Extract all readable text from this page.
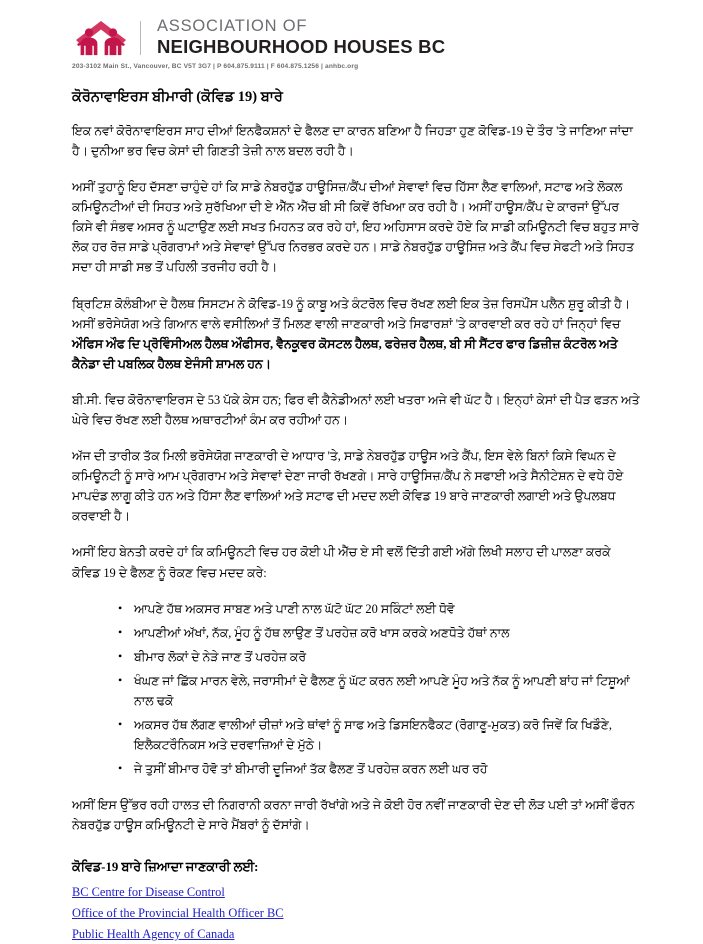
ASSOCIATION OF
NEIGHBOURHOOD HOUSES BC
203-3102 Main St., Vancouver, BC V5T 3G7 | P 604.875.9111 | F 604.875.1256 | anhbc.org
ਕੋਰੋਨਾਵਾਇਰਸ ਬੀਮਾਰੀ (ਕੋਵਿਡ 19) ਬਾਰੇ

ਇਕ ਨਵਾਂ ਕੋਰੋਨਾਵਾਇਰਸ ਸਾਹ ਦੀਆਂ ਇਨਫੈਕਸ਼ਨਾਂ ਦੇ ਫੈਲਣ ਦਾ ਕਾਰਨ ਬਣਿਆ ਹੈ ਜਿਹੜਾ ਹੁਣ ਕੋਵਿਡ-19 ਦੇ ਤੌਰ 'ਤੇ ਜਾਣਿਆ ਜਾਂਦਾ ਹੈ। ਦੁਨੀਆ ਭਰ ਵਿਚ ਕੇਸਾਂ ਦੀ ਗਿਣਤੀ ਤੇਜ਼ੀ ਨਾਲ ਬਦਲ ਰਹੀ ਹੈ।

ਅਸੀਂ ਤੁਹਾਨੂੰ ਇਹ ਦੱਸਣਾ ਚਾਹੁੰਦੇ ਹਾਂ ਕਿ ਸਾਡੇ ਨੇਬਰਹੁੱਡ ਹਾਊਸਿਜ਼/ਕੈਂਪ ਦੀਆਂ ਸੇਵਾਵਾਂ ਵਿਚ ਹਿੱਸਾ ਲੈਣ ਵਾਲਿਆਂ, ਸਟਾਫ ਅਤੇ ਲੋਕਲ ਕਮਿਊਨਟੀਆਂ ਦੀ ਸਿਹਤ ਅਤੇ ਸੁਰੱਖਿਆ ਦੀ ਏ ਐੱਨ ਐੱਚ ਬੀ ਸੀ ਕਿਵੇਂ ਰੱਖਿਆ ਕਰ ਰਹੀ ਹੈ। ਅਸੀਂ ਹਾਊਸ/ਕੈਂਪ ਦੇ ਕਾਰਜਾਂ ਉੱਪਰ ਕਿਸੇ ਵੀ ਸੰਭਵ ਅਸਰ ਨੂੰ ਘਟਾਉਣ ਲਈ ਸਖਤ ਮਿਹਨਤ ਕਰ ਰਹੇ ਹਾਂ, ਇਹ ਅਹਿਸਾਸ ਕਰਦੇ ਹੋਏ ਕਿ ਸਾਡੀ ਕਮਿਊਨਟੀ ਵਿਚ ਬਹੁਤ ਸਾਰੇ ਲੋਕ ਹਰ ਰੋਜ਼ ਸਾਡੇ ਪ੍ਰੋਗਰਾਮਾਂ ਅਤੇ ਸੇਵਾਵਾਂ ਉੱਪਰ ਨਿਰਭਰ ਕਰਦੇ ਹਨ। ਸਾਡੇ ਨੇਬਰਹੁੱਡ ਹਾਊਸਿਜ਼ ਅਤੇ ਕੈਂਪ ਵਿਚ ਸੇਫਟੀ ਅਤੇ ਸਿਹਤ ਸਦਾ ਹੀ ਸਾਡੀ ਸਭ ਤੋਂ ਪਹਿਲੀ ਤਰਜੀਹ ਰਹੀ ਹੈ।

ਬ੍ਰਿਟਿਸ਼ ਕੋਲੰਬੀਆ ਦੇ ਹੈਲਥ ਸਿਸਟਮ ਨੇ ਕੋਵਿਡ-19 ਨੂੰ ਕਾਬੂ ਅਤੇ ਕੰਟਰੋਲ ਵਿਚ ਰੱਖਣ ਲਈ ਇਕ ਤੇਜ਼ ਰਿਸਪੌਂਸ ਪਲੈਨ ਸ਼ੁਰੂ ਕੀਤੀ ਹੈ। ਅਸੀਂ ਭਰੋਸੇਯੋਗ ਅਤੇ ਗਿਆਨ ਵਾਲੇ ਵਸੀਲਿਆਂ ਤੋਂ ਮਿਲਣ ਵਾਲੀ ਜਾਣਕਾਰੀ ਅਤੇ ਸਿਫਾਰਸ਼ਾਂ 'ਤੇ ਕਾਰਵਾਈ ਕਰ ਰਹੇ ਹਾਂ ਜਿਨ੍ਹਾਂ ਵਿਚ ਔਫਿਸ ਔਫ ਦਿ ਪ੍ਰੋਵਿੰਸੀਅਲ ਹੈਲਥ ਔਫੀਸਰ, ਵੈਨਕੂਵਰ ਕੋਸਟਲ ਹੈਲਥ, ਫਰੇਜ਼ਰ ਹੈਲਥ, ਬੀ ਸੀ ਸੈਂਟਰ ਫਾਰ ਡਿਜ਼ੀਜ਼ ਕੰਟਰੋਲ ਅਤੇ ਕੈਨੇਡਾ ਦੀ ਪਬਲਿਕ ਹੈਲਥ ਏਜੰਸੀ ਸ਼ਾਮਲ ਹਨ।

ਬੀ.ਸੀ. ਵਿਚ ਕੋਰੋਨਾਵਾਇਰਸ ਦੇ 53 ਪੱਕੇ ਕੇਸ ਹਨ; ਫਿਰ ਵੀ ਕੈਨੇਡੀਅਨਾਂ ਲਈ ਖਤਰਾ ਅਜੇ ਵੀ ਘੱਟ ਹੈ। ਇਨ੍ਹਾਂ ਕੇਸਾਂ ਦੀ ਪੈੜ ਫੜਨ ਅਤੇ ਘੇਰੇ ਵਿਚ ਰੱਖਣ ਲਈ ਹੈਲਥ ਅਥਾਰਟੀਆਂ ਕੰਮ ਕਰ ਰਹੀਆਂ ਹਨ।

ਅੱਜ ਦੀ ਤਾਰੀਕ ਤੱਕ ਮਿਲੀ ਭਰੋਸੇਯੋਗ ਜਾਣਕਾਰੀ ਦੇ ਆਧਾਰ 'ਤੇ, ਸਾਡੇ ਨੇਬਰਹੁੱਡ ਹਾਊਸ ਅਤੇ ਕੈਂਪ, ਇਸ ਵੇਲੇ ਬਿਨਾਂ ਕਿਸੇ ਵਿਘਨ ਦੇ ਕਮਿਊਨਟੀ ਨੂੰ ਸਾਰੇ ਆਮ ਪ੍ਰੋਗਰਾਮ ਅਤੇ ਸੇਵਾਵਾਂ ਦੇਣਾ ਜਾਰੀ ਰੱਖਣਗੇ। ਸਾਰੇ ਹਾਊਸਿਜ਼/ਕੈਂਪ ਨੇ ਸਫਾਈ ਅਤੇ ਸੈਨੀਟੇਸ਼ਨ ਦੇ ਵਧੇ ਹੋਏ ਮਾਪਦੰਡ ਲਾਗੂ ਕੀਤੇ ਹਨ ਅਤੇ ਹਿੱਸਾ ਲੈਣ ਵਾਲਿਆਂ ਅਤੇ ਸਟਾਫ ਦੀ ਮਦਦ ਲਈ ਕੋਵਿਡ 19 ਬਾਰੇ ਜਾਣਕਾਰੀ ਲਗਾਈ ਅਤੇ ਉਪਲਬਧ ਕਰਵਾਈ ਹੈ।

ਅਸੀਂ ਇਹ ਬੇਨਤੀ ਕਰਦੇ ਹਾਂ ਕਿ ਕਮਿਊਨਟੀ ਵਿਚ ਹਰ ਕੋਈ ਪੀ ਐੱਚ ਏ ਸੀ ਵਲੋਂ ਦਿੱਤੀ ਗਈ ਅੱਗੇ ਲਿਖੀ ਸਲਾਹ ਦੀ ਪਾਲਣਾ ਕਰਕੇ ਕੋਵਿਡ 19 ਦੇ ਫੈਲਣ ਨੂੰ ਰੋਕਣ ਵਿਚ ਮਦਦ ਕਰੇ:

• ਆਪਣੇ ਹੱਥ ਅਕਸਰ ਸਾਬਣ ਅਤੇ ਪਾਣੀ ਨਾਲ ਘੱਟੋ ਘੱਟ 20 ਸਕਿੰਟਾਂ ਲਈ ਧੋਵੋ
• ਆਪਣੀਆਂ ਅੱਖਾਂ, ਨੱਕ, ਮੂੰਹ ਨੂੰ ਹੱਥ ਲਾਉਣ ਤੋਂ ਪਰਹੇਜ਼ ਕਰੋ ਖਾਸ ਕਰਕੇ ਅਣਧੋਤੇ ਹੱਥਾਂ ਨਾਲ
• ਬੀਮਾਰ ਲੋਕਾਂ ਦੇ ਨੇੜੇ ਜਾਣ ਤੋਂ ਪਰਹੇਜ਼ ਕਰੋ
• ਖੰਘਣ ਜਾਂ ਛਿੱਕ ਮਾਰਨ ਵੇਲੇ, ਜਰਾਸੀਮਾਂ ਦੇ ਫੈਲਣ ਨੂੰ ਘੱਟ ਕਰਨ ਲਈ ਆਪਣੇ ਮੂੰਹ ਅਤੇ ਨੱਕ ਨੂੰ ਆਪਣੀ ਬਾਂਹ ਜਾਂ ਟਿਸ਼ੂਆਂ ਨਾਲ ਢਕੋ
• ਅਕਸਰ ਹੱਥ ਲੱਗਣ ਵਾਲੀਆਂ ਚੀਜ਼ਾਂ ਅਤੇ ਥਾਂਵਾਂ ਨੂੰ ਸਾਫ ਅਤੇ ਡਿਸਇਨਫੈਕਟ (ਰੋਗਾਣੂ-ਮੁਕਤ) ਕਰੋ ਜਿਵੇਂ ਕਿ ਖਿਡੌਣੇ, ਇਲੈਕਟਰੌਨਿਕਸ ਅਤੇ ਦਰਵਾਜ਼ਿਆਂ ਦੇ ਮੁੱਠੇ।
• ਜੇ ਤੁਸੀਂ ਬੀਮਾਰ ਹੋਵੋ ਤਾਂ ਬੀਮਾਰੀ ਦੂਜਿਆਂ ਤੱਕ ਫੈਲਣ ਤੋਂ ਪਰਹੇਜ਼ ਕਰਨ ਲਈ ਘਰ ਰਹੋ

ਅਸੀਂ ਇਸ ਉੱਭਰ ਰਹੀ ਹਾਲਤ ਦੀ ਨਿਗਰਾਨੀ ਕਰਨਾ ਜਾਰੀ ਰੱਖਾਂਗੇ ਅਤੇ ਜੇ ਕੋਈ ਹੋਰ ਨਵੀਂ ਜਾਣਕਾਰੀ ਦੇਣ ਦੀ ਲੋੜ ਪਈ ਤਾਂ ਅਸੀਂ ਫੌਰਨ ਨੇਬਰਹੁੱਡ ਹਾਊਸ ਕਮਿਊਨਟੀ ਦੇ ਸਾਰੇ ਮੈਂਬਰਾਂ ਨੂੰ ਦੱਸਾਂਗੇ।

ਕੋਵਿਡ-19 ਬਾਰੇ ਜ਼ਿਆਦਾ ਜਾਣਕਾਰੀ ਲਈ:
BC Centre for Disease Control
Office of the Provincial Health Officer BC
Public Health Agency of Canada
